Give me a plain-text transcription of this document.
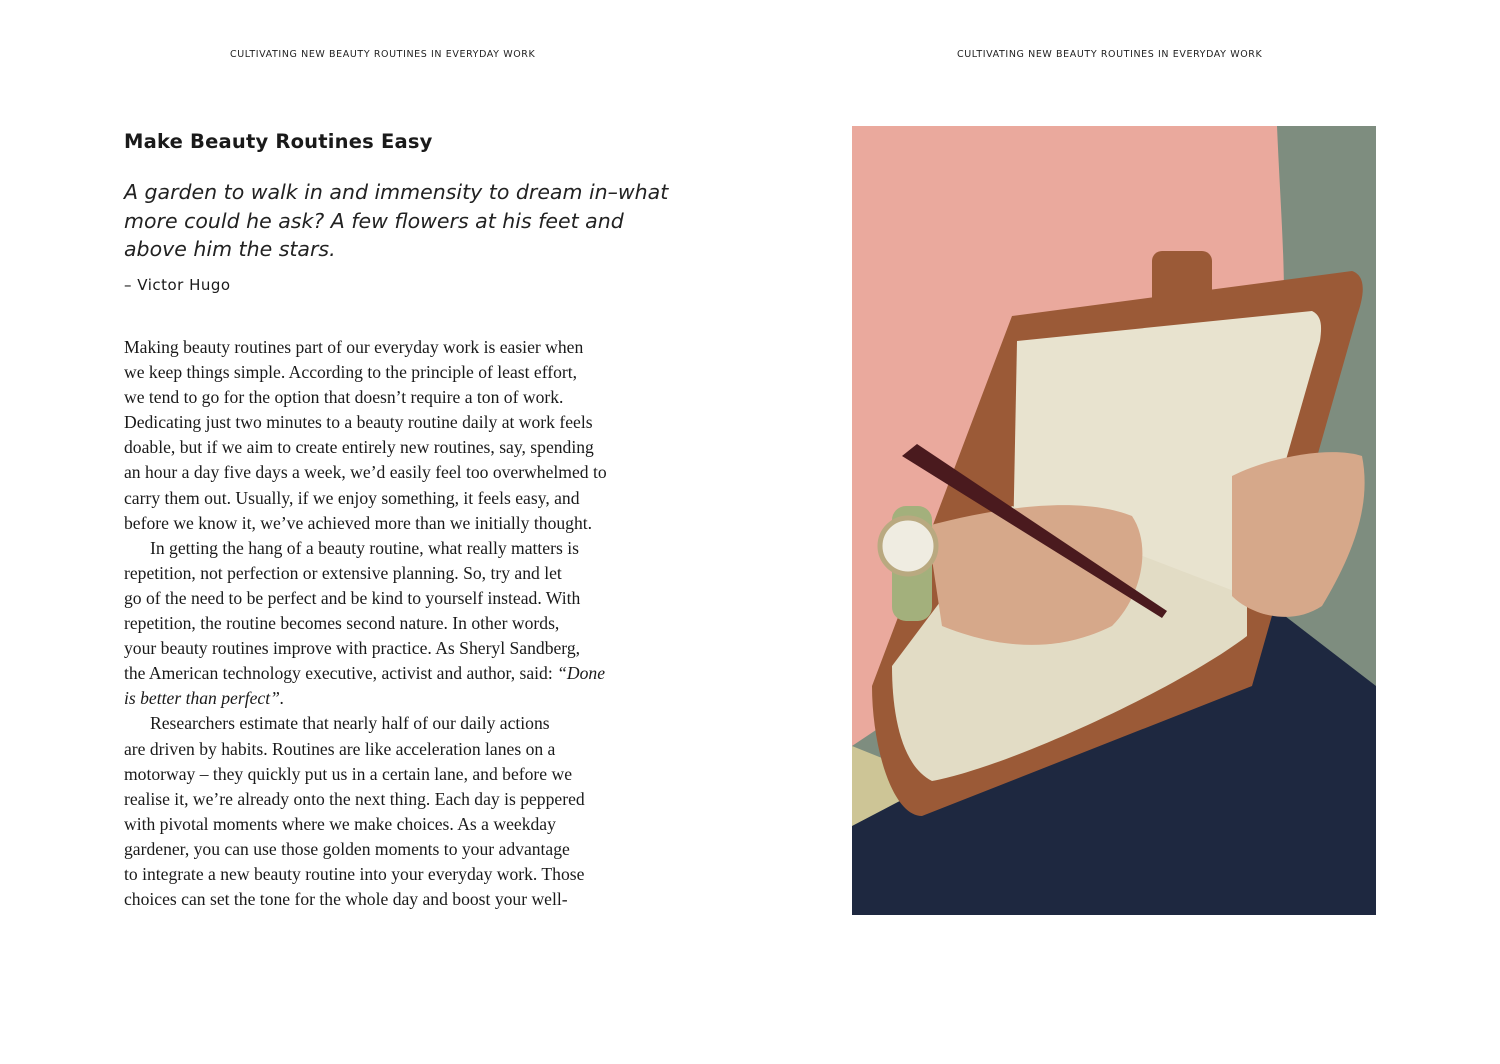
CULTIVATING NEW BEAUTY ROUTINES IN EVERYDAY WORK	CULTIVATING NEW BEAUTY ROUTINES IN EVERYDAY WORK
Make Beauty Routines Easy
A garden to walk in and immensity to dream in–what
more could he ask? A few flowers at his feet and
above him the stars.
– Victor Hugo
Making beauty routines part of our everyday work is easier when
we keep things simple. According to the principle of least effort,
we tend to go for the option that doesn’t require a ton of work.
Dedicating just two minutes to a beauty routine daily at work feels
doable, but if we aim to create entirely new routines, say, spending
an hour a day five days a week, we’d easily feel too overwhelmed to
carry them out. Usually, if we enjoy something, it feels easy, and
before we know it, we’ve achieved more than we initially thought.
In getting the hang of a beauty routine, what really matters is
repetition, not perfection or extensive planning. So, try and let
go of the need to be perfect and be kind to yourself instead. With
repetition, the routine becomes second nature. In other words,
your beauty routines improve with practice. As Sheryl Sandberg,
the American technology executive, activist and author, said: “Done
is better than perfect”.
Researchers estimate that nearly half of our daily actions
are driven by habits. Routines are like acceleration lanes on a
motorway – they quickly put us in a certain lane, and before we
realise it, we’re already onto the next thing. Each day is peppered
with pivotal moments where we make choices. As a weekday
gardener, you can use those golden moments to your advantage
to integrate a new beauty routine into your everyday work. Those
choices can set the tone for the whole day and boost your well-
